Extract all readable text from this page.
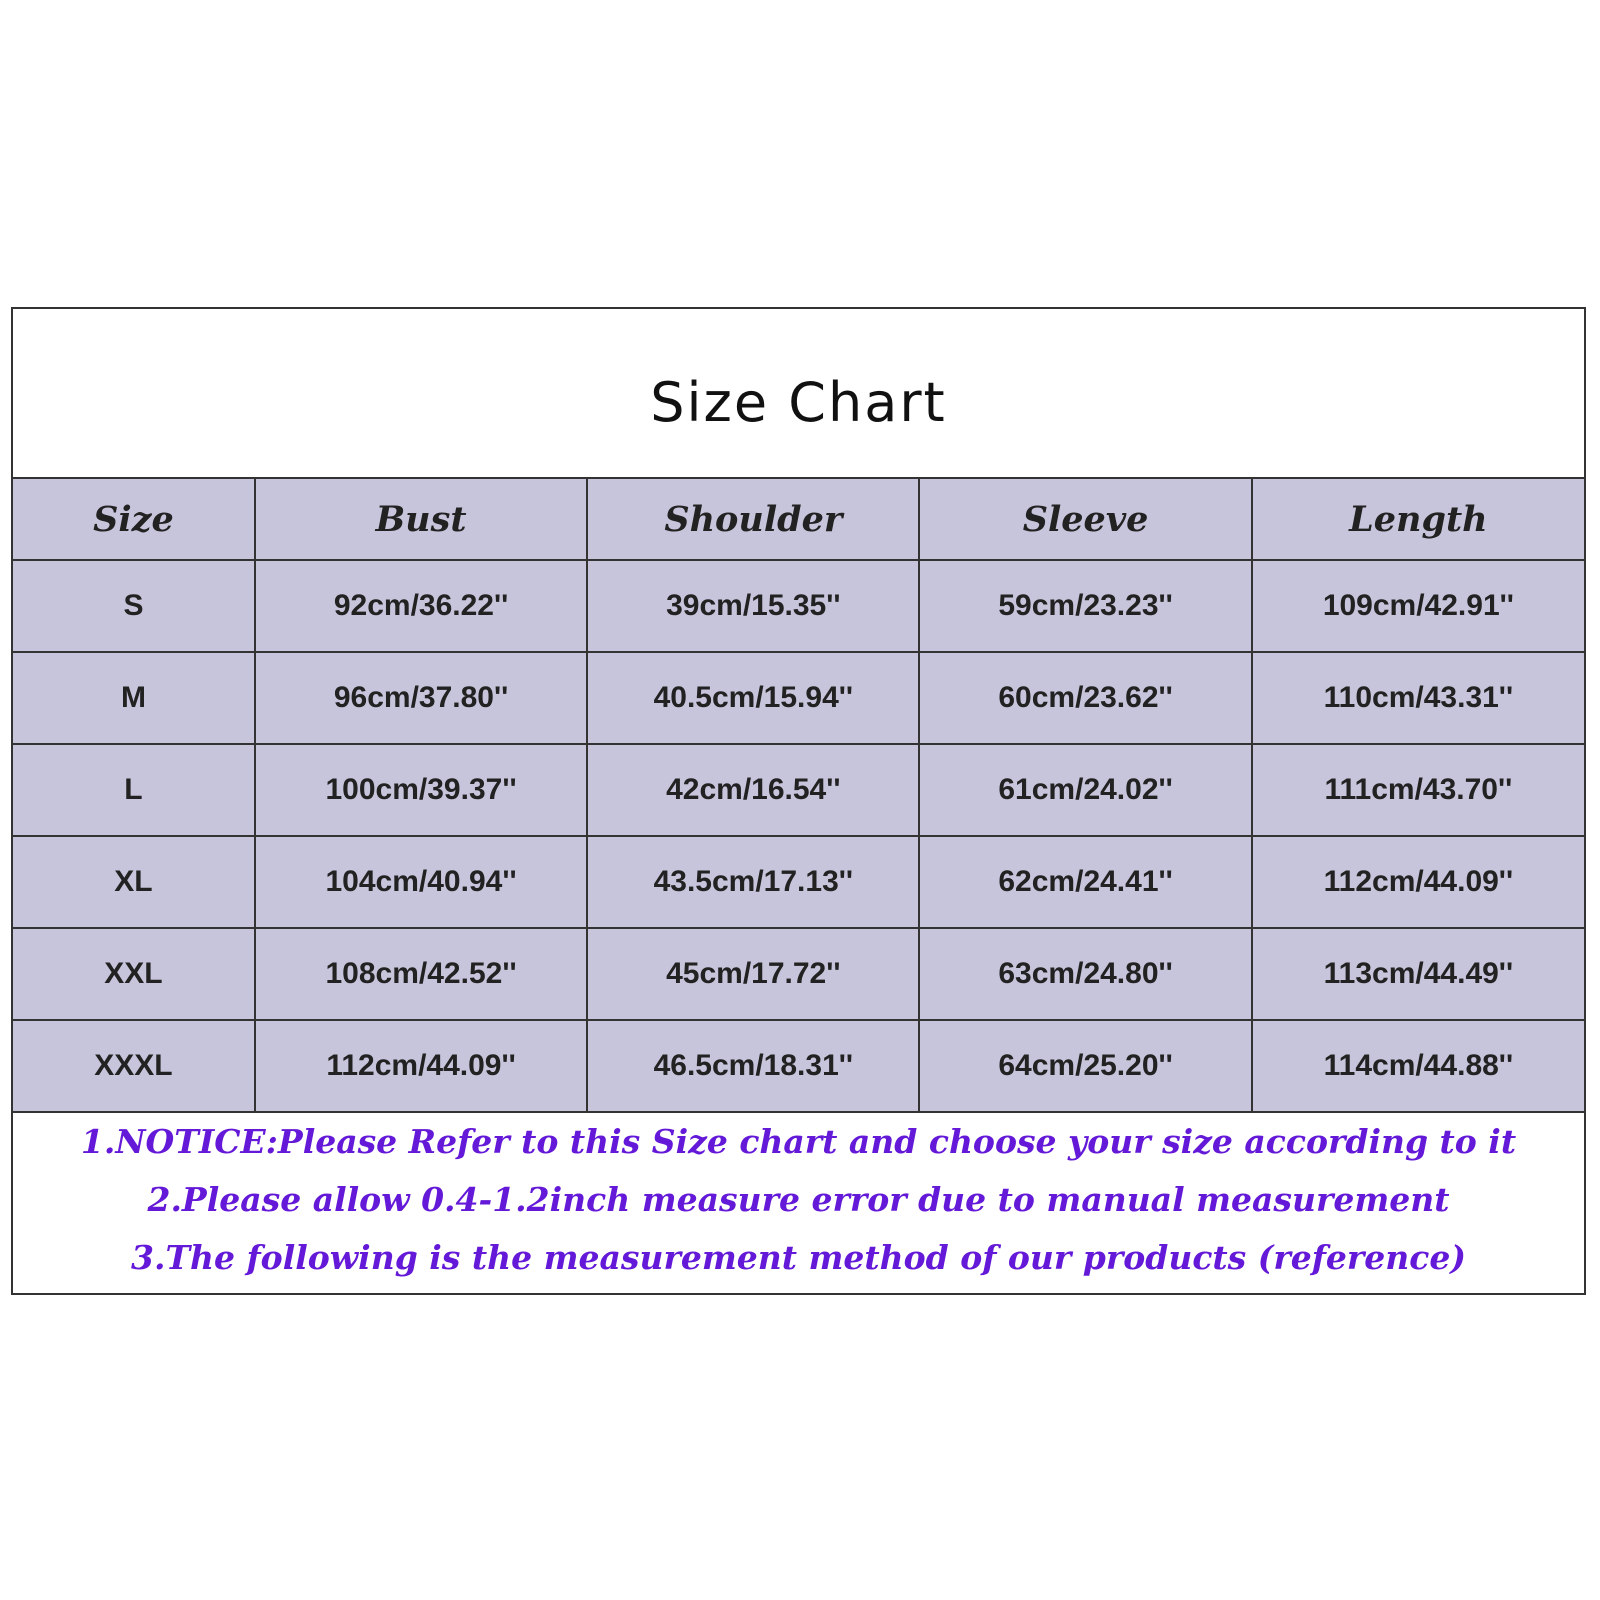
Size Chart
Size	Bust	Shoulder	Sleeve	Length
S	92cm/36.22''	39cm/15.35''	59cm/23.23''	109cm/42.91''
M	96cm/37.80''	40.5cm/15.94''	60cm/23.62''	110cm/43.31''
L	100cm/39.37''	42cm/16.54''	61cm/24.02''	111cm/43.70''
XL	104cm/40.94''	43.5cm/17.13''	62cm/24.41''	112cm/44.09''
XXL	108cm/42.52''	45cm/17.72''	63cm/24.80''	113cm/44.49''
XXXL	112cm/44.09''	46.5cm/18.31''	64cm/25.20''	114cm/44.88''
1.NOTICE:Please Refer to this Size chart and choose your size according to it
2.Please allow 0.4-1.2inch measure error due to manual measurement
3.The following is the measurement method of our products (reference)
